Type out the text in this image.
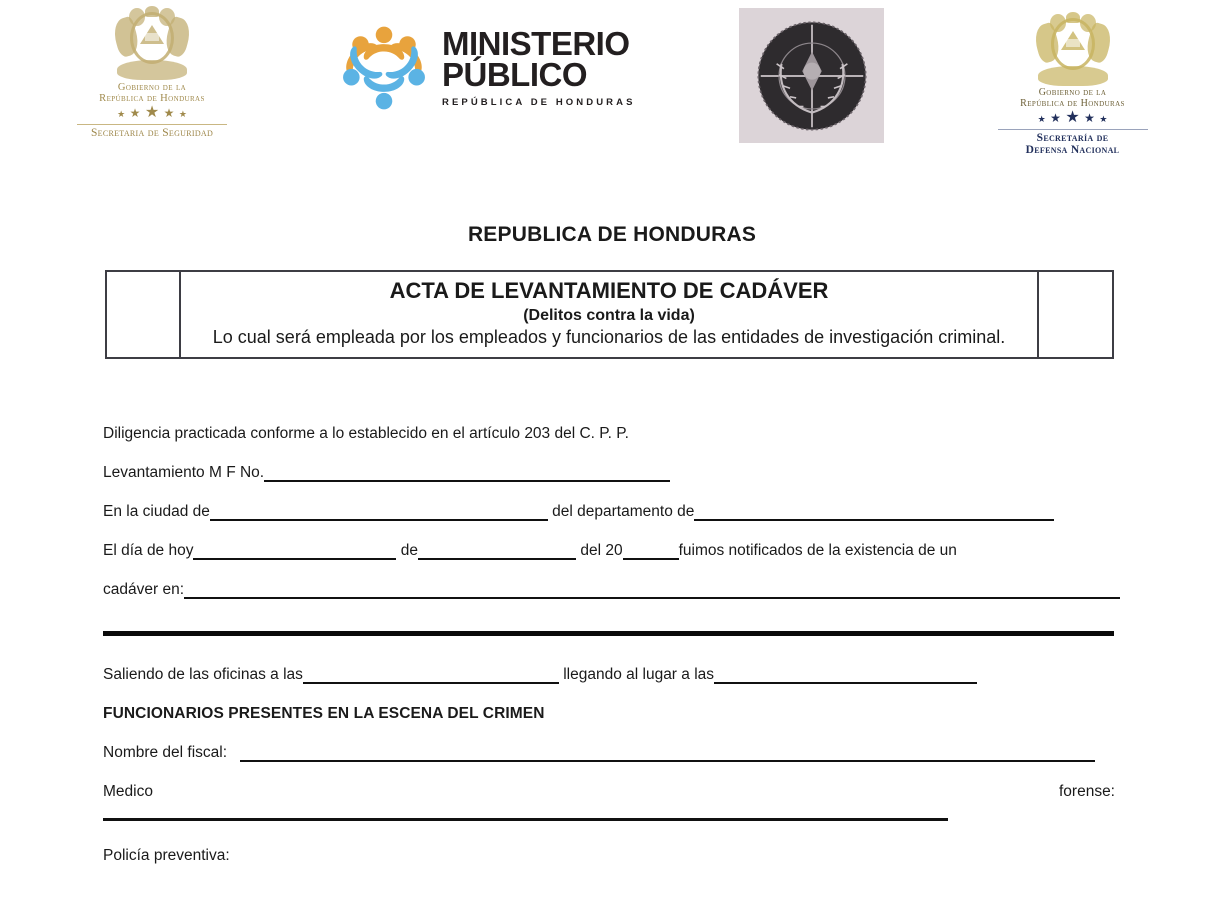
Gobierno de la
República de Honduras
★ ★ ★ ★ ★
Secretaria de Seguridad
MINISTERIO
PÚBLICO
REPÚBLICA DE HONDURAS
Gobierno de la
República de Honduras
★ ★ ★ ★ ★
Secretaría de
Defensa Nacional
REPUBLICA DE HONDURAS
ACTA DE LEVANTAMIENTO DE CADÁVER
(Delitos contra la vida)
Lo cual será empleada por los empleados y funcionarios de las entidades de investigación criminal.
Diligencia practicada conforme a lo establecido en el artículo 203 del C. P. P.
Levantamiento M F No.
En la ciudad de	del departamento de
El día de hoy	de	del 20	fuimos notificados de la existencia de un
cadáver en:
Saliendo de las oficinas a las	llegando al lugar a las
FUNCIONARIOS PRESENTES EN LA ESCENA DEL CRIMEN
Nombre del fiscal:
Medico	forense:
Policía preventiva:
